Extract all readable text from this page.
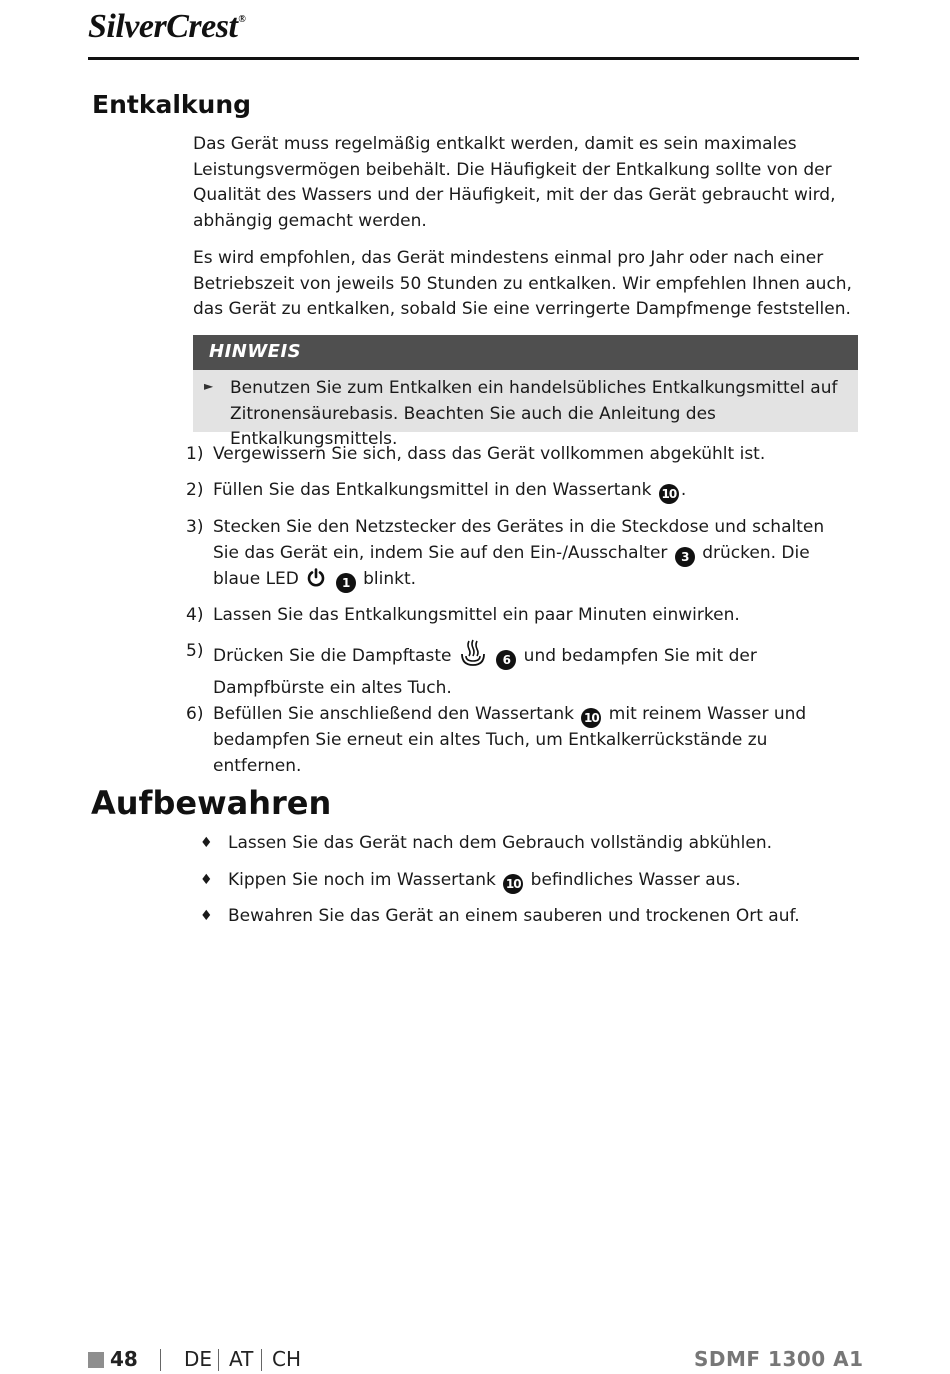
SilverCrest®
Entkalkung
Das Gerät muss regelmäßig entkalkt werden, damit es sein maximales Leistungsvermögen beibehält. Die Häufigkeit der Entkalkung sollte von der Qualität des Wassers und der Häufigkeit, mit der das Gerät gebraucht wird, abhängig gemacht werden.
Es wird empfohlen, das Gerät mindestens einmal pro Jahr oder nach einer Betriebszeit von jeweils 50 Stunden zu entkalken. Wir empfehlen Ihnen auch, das Gerät zu entkalken, sobald Sie eine verringerte Dampfmenge feststellen.
HINWEIS
► Benutzen Sie zum Entkalken ein handelsübliches Entkalkungsmittel auf Zitronensäurebasis. Beachten Sie auch die Anleitung des Entkalkungsmittels.
1) Vergewissern Sie sich, dass das Gerät vollkommen abgekühlt ist.
2) Füllen Sie das Entkalkungsmittel in den Wassertank 10 .
3) Stecken Sie den Netzstecker des Gerätes in die Steckdose und schalten Sie das Gerät ein, indem Sie auf den Ein-/Ausschalter 3 drücken. Die blaue LED	1 blinkt.
4) Lassen Sie das Entkalkungsmittel ein paar Minuten einwirken.
5) Drücken Sie die Dampftaste	6 und bedampfen Sie mit der Dampfbürste ein altes Tuch.
6) Befüllen Sie anschließend den Wassertank 10 mit reinem Wasser und bedampfen Sie erneut ein altes Tuch, um Entkalkerrückstände zu entfernen.
Aufbewahren
♦ Lassen Sie das Gerät nach dem Gebrauch vollständig abkühlen.
♦ Kippen Sie noch im Wassertank 10 befindliches Wasser aus.
♦ Bewahren Sie das Gerät an einem sauberen und trockenen Ort auf.
48 DE AT CH	SDMF 1300 A1
